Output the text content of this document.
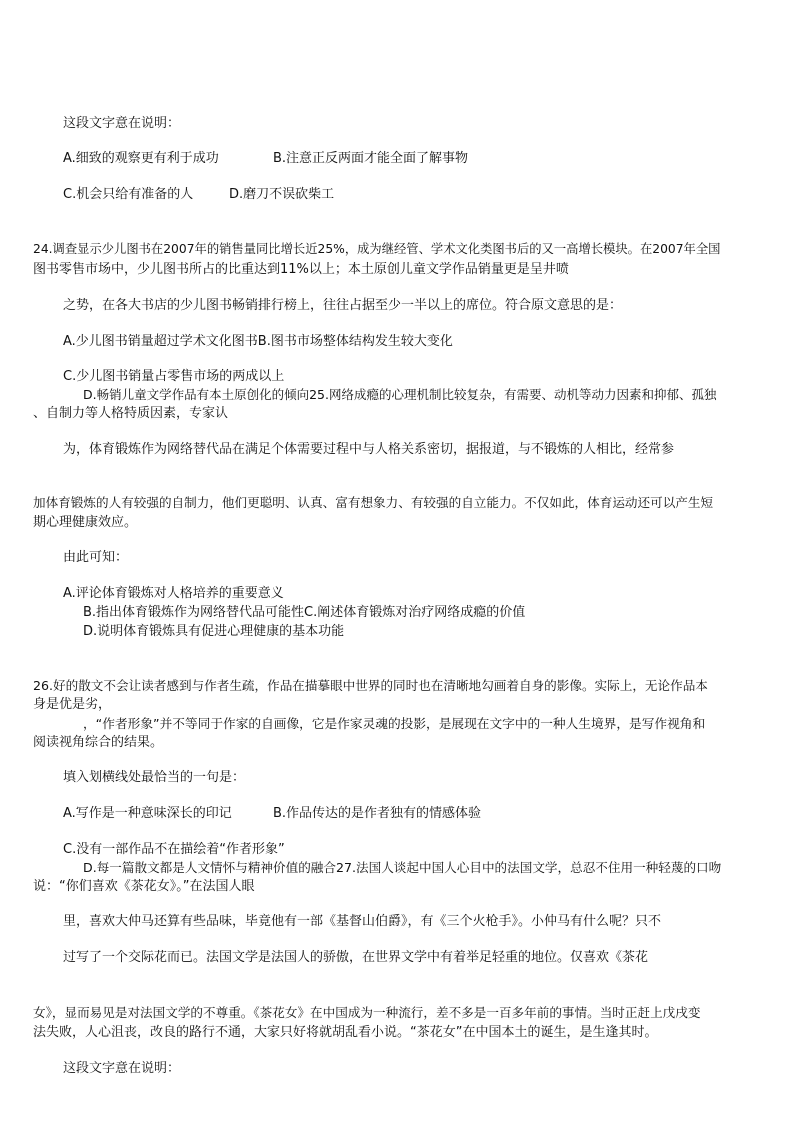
这段文字意在说明：
A.细致的观察更有利于成功	B.注意正反两面才能全面了解事物
C.机会只给有准备的人	D.磨刀不误砍柴工
24.调查显示少儿图书在2007年的销售量同比增长近25%，成为继经管、学术文化类图书后的又一高增长模块。在2007年全国
图书零售市场中，少儿图书所占的比重达到11%以上；本土原创儿童文学作品销量更是呈井喷
之势，在各大书店的少儿图书畅销排行榜上，往往占据至少一半以上的席位。符合原文意思的是：
A.少儿图书销量超过学术文化图书B.图书市场整体结构发生较大变化
C.少儿图书销量占零售市场的两成以上
D.畅销儿童文学作品有本土原创化的倾向25.网络成瘾的心理机制比较复杂，有需要、动机等动力因素和抑郁、孤独
、自制力等人格特质因素，专家认
为，体育锻炼作为网络替代品在满足个体需要过程中与人格关系密切，据报道，与不锻炼的人相比，经常参
加体育锻炼的人有较强的自制力，他们更聪明、认真、富有想象力、有较强的自立能力。不仅如此，体育运动还可以产生短
期心理健康效应。
由此可知：
A.评论体育锻炼对人格培养的重要意义
B.指出体育锻炼作为网络替代品可能性C.阐述体育锻炼对治疗网络成瘾的价值
D.说明体育锻炼具有促进心理健康的基本功能
26.好的散文不会让读者感到与作者生疏，作品在描摹眼中世界的同时也在清晰地勾画着自身的影像。实际上，无论作品本
身是优是劣，
，“作者形象”并不等同于作家的自画像，它是作家灵魂的投影，是展现在文字中的一种人生境界，是写作视角和
阅读视角综合的结果。
填入划横线处最恰当的一句是：
A.写作是一种意味深长的印记	B.作品传达的是作者独有的情感体验
C.没有一部作品不在描绘着“作者形象”
D.每一篇散文都是人文情怀与精神价值的融合27.法国人谈起中国人心目中的法国文学，总忍不住用一种轻蔑的口吻
说：“你们喜欢《茶花女》。”在法国人眼
里，喜欢大仲马还算有些品味，毕竟他有一部《基督山伯爵》，有《三个火枪手》。小仲马有什么呢？只不
过写了一个交际花而已。法国文学是法国人的骄傲，在世界文学中有着举足轻重的地位。仅喜欢《茶花
女》，显而易见是对法国文学的不尊重。《茶花女》在中国成为一种流行，差不多是一百多年前的事情。当时正赶上戊戌变
法失败，人心沮丧，改良的路行不通，大家只好将就胡乱看小说。“茶花女”在中国本土的诞生，是生逢其时。
这段文字意在说明：
